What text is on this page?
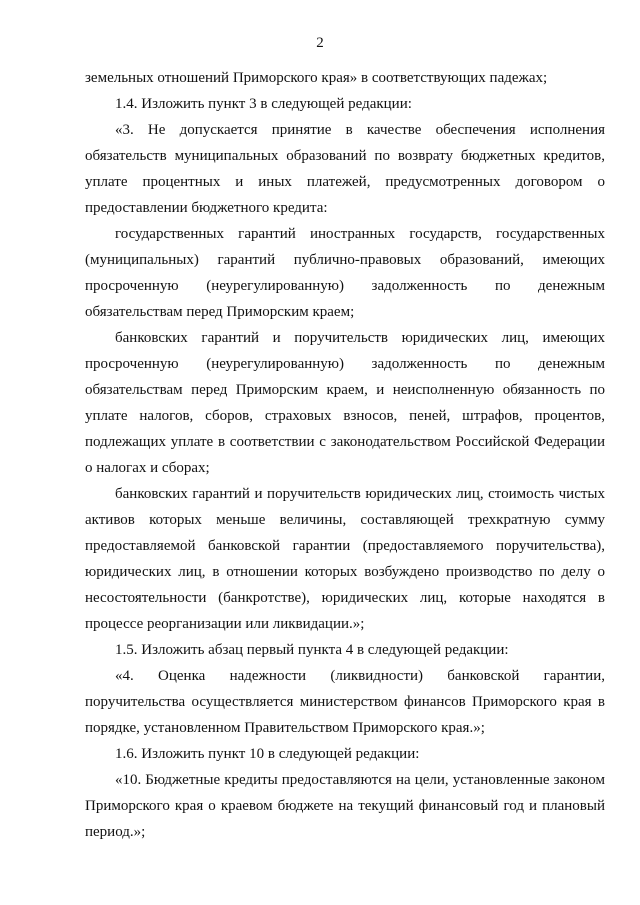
2

земельных отношений Приморского края» в соответствующих падежах;

1.4. Изложить пункт 3 в следующей редакции:

«3. Не допускается принятие в качестве обеспечения исполнения обязательств муниципальных образований по возврату бюджетных кредитов, уплате процентных и иных платежей, предусмотренных договором о предоставлении бюджетного кредита:

государственных гарантий иностранных государств, государственных (муниципальных) гарантий публично-правовых образований, имеющих просроченную (неурегулированную) задолженность по денежным обязательствам перед Приморским краем;

банковских гарантий и поручительств юридических лиц, имеющих просроченную (неурегулированную) задолженность по денежным обязательствам перед Приморским краем, и неисполненную обязанность по уплате налогов, сборов, страховых взносов, пеней, штрафов, процентов, подлежащих уплате в соответствии с законодательством Российской Федерации о налогах и сборах;

банковских гарантий и поручительств юридических лиц, стоимость чистых активов которых меньше величины, составляющей трехкратную сумму предоставляемой банковской гарантии (предоставляемого поручительства), юридических лиц, в отношении которых возбуждено производство по делу о несостоятельности (банкротстве), юридических лиц, которые находятся в процессе реорганизации или ликвидации.»;

1.5. Изложить абзац первый пункта 4 в следующей редакции:

«4. Оценка надежности (ликвидности) банковской гарантии, поручительства осуществляется министерством финансов Приморского края в порядке, установленном Правительством Приморского края.»;

1.6. Изложить пункт 10 в следующей редакции:

«10. Бюджетные кредиты предоставляются на цели, установленные законом Приморского края о краевом бюджете на текущий финансовый год и плановый период.»;
